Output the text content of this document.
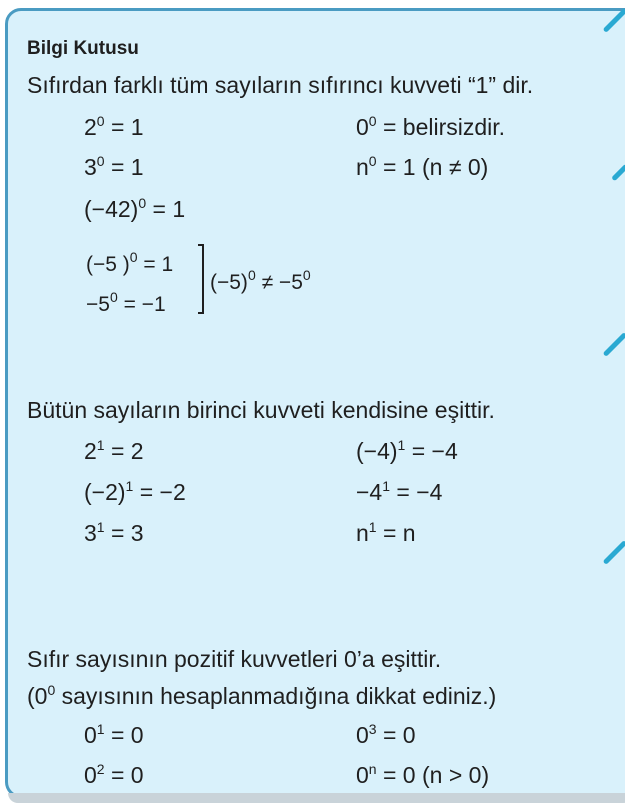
Bilgi Kutusu
Sıfırdan farklı tüm sayıların sıfırıncı kuvveti “1” dir.
$2^0 = 1$	$0^0$ = belirsizdir.
$3^0 = 1$	$n^0 = 1$ (n ≠ 0)
$(-42)^0 = 1$
(−5 )$^0$ = 1
$-5^0 = -1$
$(-5)^0 \ne -5^0$
Bütün sayıların birinci kuvveti kendisine eşittir.
$2^1 = 2$	$(-4)^1 = -4$
$(-2)^1 = -2$	$-4^1 = -4$
$3^1 = 3$	$n^1 = n$
Sıfır sayısının pozitif kuvvetleri 0’a eşittir.
($0^0$ sayısının hesaplanmadığına dikkat ediniz.)
$0^1 = 0$	$0^3 = 0$
$0^2 = 0$	$0^n = 0$ (n > 0)
